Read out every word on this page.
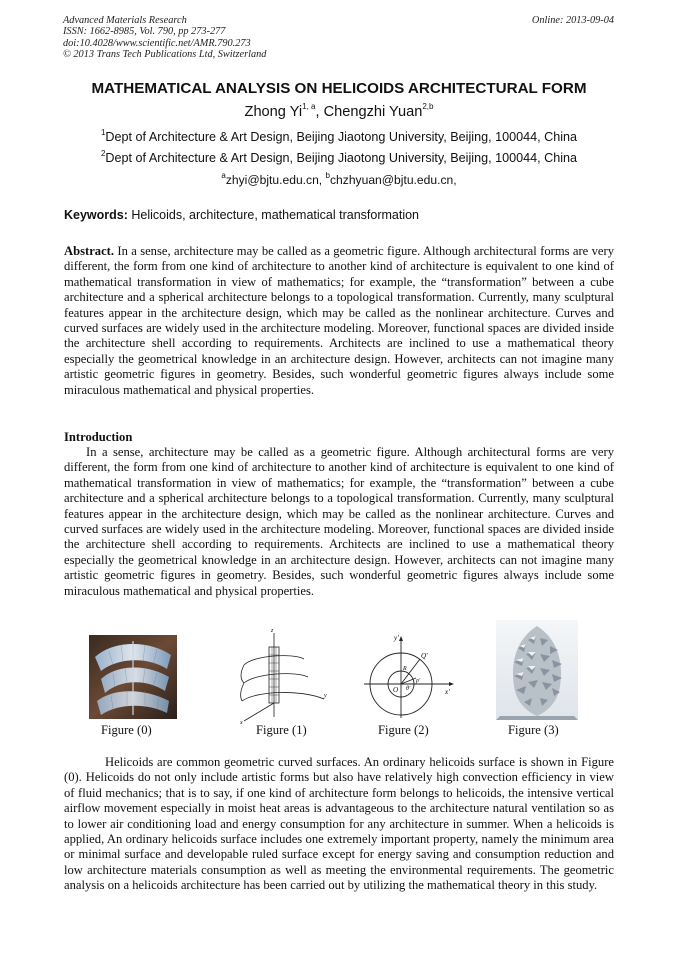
Advanced Materials Research
ISSN: 1662-8985, Vol. 790, pp 273-277
doi:10.4028/www.scientific.net/AMR.790.273
© 2013 Trans Tech Publications Ltd, Switzerland
Online: 2013-09-04
MATHEMATICAL ANALYSIS ON HELICOIDS ARCHITECTURAL FORM
Zhong Yi$^{1, a}$, Chengzhi Yuan$^{2,b}$
$^1$Dept of Architecture & Art Design, Beijing Jiaotong University, Beijing, 100044, China
$^2$Dept of Architecture & Art Design, Beijing Jiaotong University, Beijing, 100044, China
$^a$zhyi@bjtu.edu.cn, $^b$chzhyuan@bjtu.edu.cn,
Keywords: Helicoids, architecture, mathematical transformation

Abstract. In a sense, architecture may be called as a geometric figure. Although architectural forms are very different, the form from one kind of architecture to another kind of architecture is equivalent to one kind of mathematical transformation in view of mathematics; for example, the “transformation” between a cube architecture and a spherical architecture belongs to a topological transformation. Currently, many sculptural features appear in the architecture design, which may be called as the nonlinear architecture. Curves and curved surfaces are widely used in the architecture modeling. Moreover, functional spaces are divided inside the architecture shell according to requirements. Architects are inclined to use a mathematical theory especially the geometrical knowledge in an architecture design. However, architects can not imagine many artistic geometric figures in geometry. Besides, such wonderful geometric figures always include some miraculous mathematical and physical properties.

Introduction

In a sense, architecture may be called as a geometric figure. Although architectural forms are very different, the form from one kind of architecture to another kind of architecture is equivalent to one kind of mathematical transformation in view of mathematics; for example, the “transformation” between a cube architecture and a spherical architecture belongs to a topological transformation. Currently, many sculptural features appear in the architecture design, which may be called as the nonlinear architecture. Curves and curved surfaces are widely used in the architecture modeling. Moreover, functional spaces are divided inside the architecture shell according to requirements. Architects are inclined to use a mathematical theory especially the geometrical knowledge in an architecture design. However, architects can not imagine many artistic geometric figures in geometry. Besides, such wonderful geometric figures always include some miraculous mathematical and physical properties.

Figure (0)
z
y
x Figure (1)
y'
x'
O
Q'
R
ρ'
θ'
Figure (2)	Figure (3)

Helicoids are common geometric curved surfaces. An ordinary helicoids surface is shown in Figure (0). Helicoids do not only include artistic forms but also have relatively high convection efficiency in view of fluid mechanics; that is to say, if one kind of architecture form belongs to helicoids, the intensive vertical airflow movement especially in moist heat areas is advantageous to the architecture natural ventilation so as to lower air conditioning load and energy consumption for any architecture in summer. When a helicoids is applied, An ordinary helicoids surface includes one extremely important property, namely the minimum area or minimal surface and developable ruled surface except for energy saving and consumption reduction and low architecture materials consumption as well as meeting the environmental requirements. The geometric analysis on a helicoids architecture has been carried out by utilizing the mathematical theory in this study.
